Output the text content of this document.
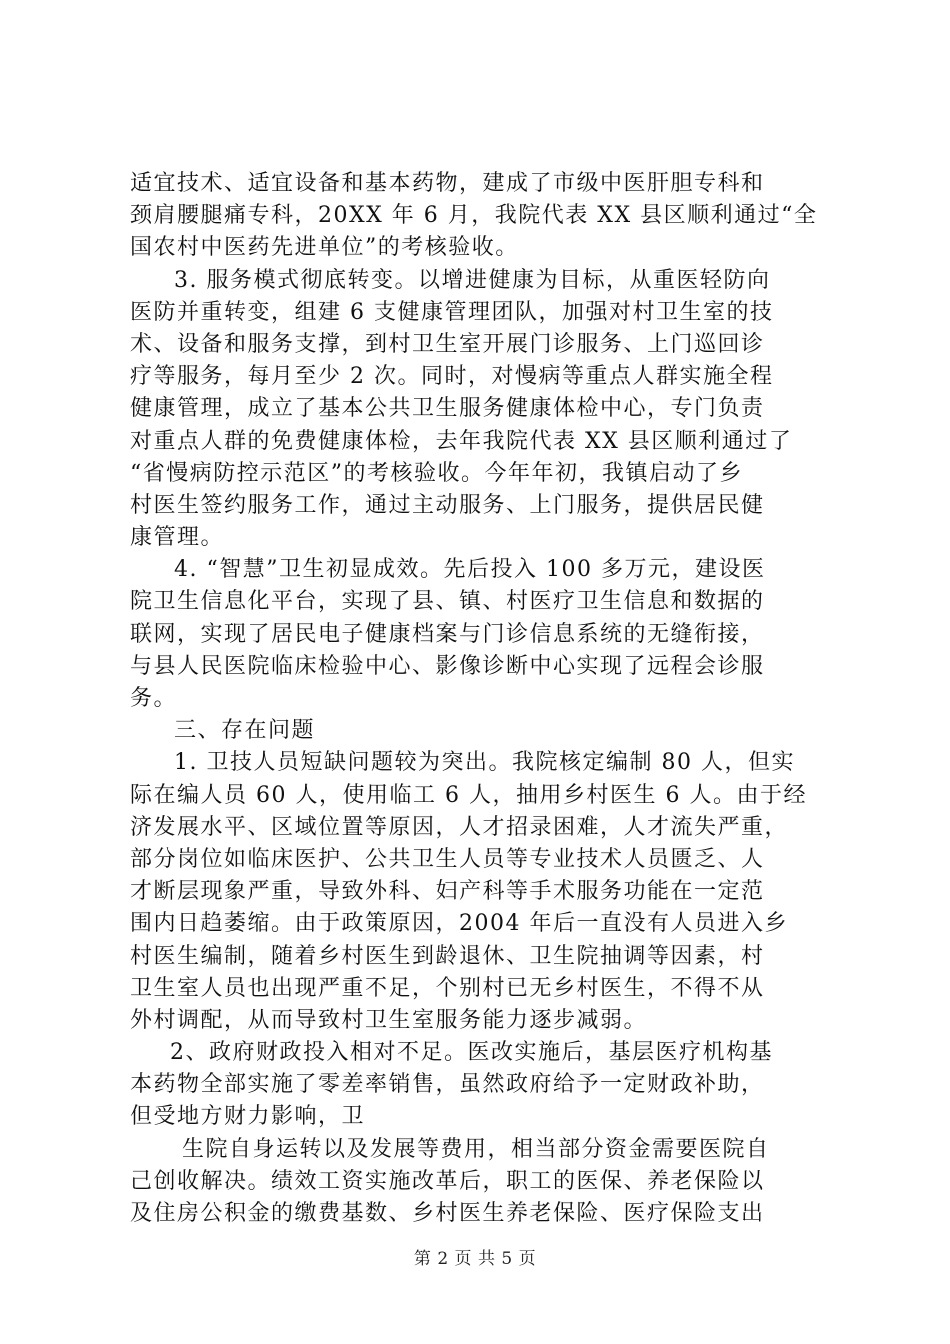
适宜技术、适宜设备和基本药物，建成了市级中医肝胆专科和
颈肩腰腿痛专科，20XX 年 6 月，我院代表 XX 县区顺利通过“全
国农村中医药先进单位”的考核验收。
3. 服务模式彻底转变。以增进健康为目标，从重医轻防向
医防并重转变，组建 6 支健康管理团队，加强对村卫生室的技
术、设备和服务支撑，到村卫生室开展门诊服务、上门巡回诊
疗等服务，每月至少 2 次。同时，对慢病等重点人群实施全程
健康管理，成立了基本公共卫生服务健康体检中心，专门负责
对重点人群的免费健康体检，去年我院代表 XX 县区顺利通过了
“省慢病防控示范区”的考核验收。今年年初，我镇启动了乡
村医生签约服务工作，通过主动服务、上门服务，提供居民健
康管理。
4. “智慧”卫生初显成效。先后投入 100 多万元，建设医
院卫生信息化平台，实现了县、镇、村医疗卫生信息和数据的
联网，实现了居民电子健康档案与门诊信息系统的无缝衔接，
与县人民医院临床检验中心、影像诊断中心实现了远程会诊服
务。
三、存在问题
1. 卫技人员短缺问题较为突出。我院核定编制 80 人，但实
际在编人员 60 人，使用临工 6 人，抽用乡村医生 6 人。由于经
济发展水平、区域位置等原因，人才招录困难，人才流失严重，
部分岗位如临床医护、公共卫生人员等专业技术人员匮乏、人
才断层现象严重，导致外科、妇产科等手术服务功能在一定范
围内日趋萎缩。由于政策原因，2004 年后一直没有人员进入乡
村医生编制，随着乡村医生到龄退休、卫生院抽调等因素，村
卫生室人员也出现严重不足，个别村已无乡村医生，不得不从
外村调配，从而导致村卫生室服务能力逐步减弱。
2、政府财政投入相对不足。医改实施后，基层医疗机构基
本药物全部实施了零差率销售，虽然政府给予一定财政补助，
但受地方财力影响，卫
生院自身运转以及发展等费用，相当部分资金需要医院自
己创收解决。绩效工资实施改革后，职工的医保、养老保险以
及住房公积金的缴费基数、乡村医生养老保险、医疗保险支出
第 2 页 共 5 页
